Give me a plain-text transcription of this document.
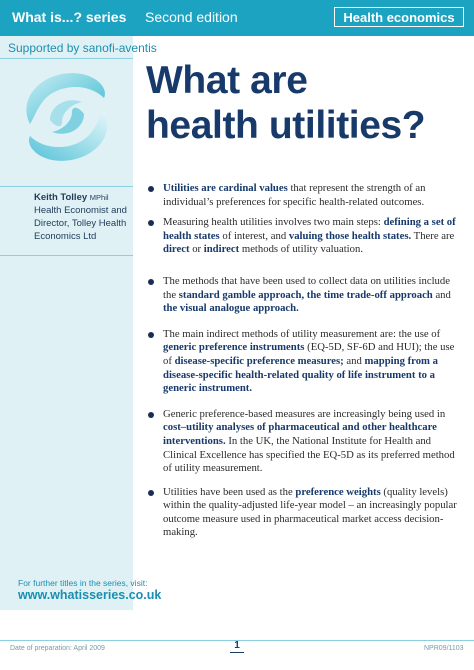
What is...? series Second edition	Health economics
Supported by sanofi-aventis
Keith Tolley MPhil
Health Economist and
Director, Tolley Health
Economics Ltd
For further titles in the series, visit:
www.whatisseries.co.uk
What are
health utilities?
Utilities are cardinal values that represent the strength of an individual’s preferences for specific health-related outcomes.
Measuring health utilities involves two main steps: defining a set of health states of interest, and valuing those health states. There are direct or indirect methods of utility valuation.
The methods that have been used to collect data on utilities include the standard gamble approach, the time trade-off approach and the visual analogue approach.
The main indirect methods of utility measurement are: the use of generic preference instruments (EQ-5D, SF-6D and HUI); the use of disease-specific preference measures; and mapping from a disease-specific health-related quality of life instrument to a generic instrument.
Generic preference-based measures are increasingly being used in cost–utility analyses of pharmaceutical and other healthcare interventions. In the UK, the National Institute for Health and Clinical Excellence has specified the EQ-5D as its preferred method of utility measurement.
Utilities have been used as the preference weights (quality levels) within the quality-adjusted life-year model – an increasingly popular outcome measure used in pharmaceutical market access decision-making.
Date of preparation: April 2009	1	NPR09/1103
